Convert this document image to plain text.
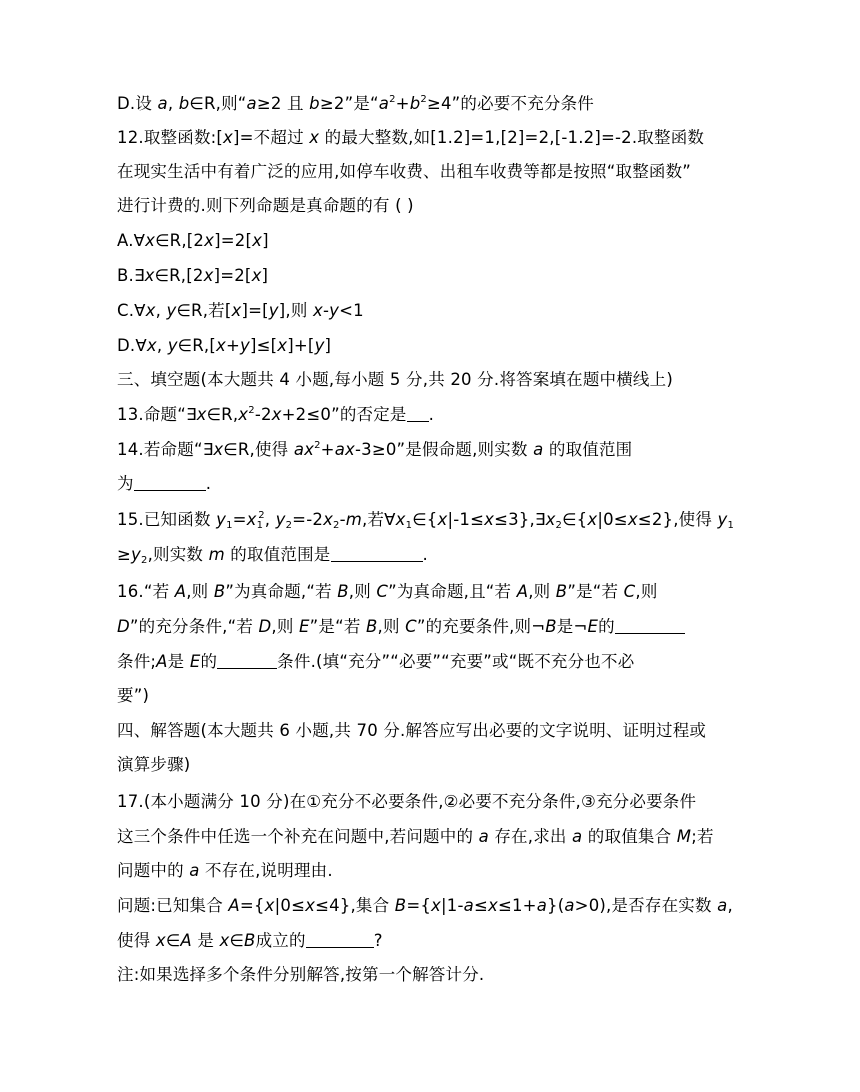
D.设 a, b∈R,则“a≥2 且 b≥2”是“$a^2+b^2\ge 4$”的必要不充分条件
12.取整函数:[x]=不超过 x 的最大整数,如[1.2]=1,[2]=2,[-1.2]=-2.取整函数
在现实生活中有着广泛的应用,如停车收费、出租车收费等都是按照“取整函数”
进行计费的.则下列命题是真命题的有 ( )
A.∀x∈R,[2x]=2[x]
B.∃x∈R,[2x]=2[x]
C.∀x, y∈R,若[x]=[y],则 x-y<1
D.∀x, y∈R,[x+y]≤[x]+[y]
三、填空题(本大题共 4 小题,每小题 5 分,共 20 分.将答案填在题中横线上)
13.命题“$\exists x\in R,x^2-2x+2\le 0$”的否定是 .
14.若命题“∃x∈R,使得 $ax^2+ax-3\ge 0$”是假命题,则实数 a 的取值范围
为	.
15.已知函数 $y_1=x_1^2$, $y_2=-2x_2-m$,若$\forall x_1\in\{x|-1\le x\le 3\},\exists x_2\in\{x|0\le x\le 2\}$,使得 $y_1$
$\ge y_2$,则实数 m 的取值范围是	.
16.“若 A,则 B”为真命题,“若 B,则 C”为真命题,且“若 A,则 B”是“若 C,则
D”的充分条件,“若 D,则 E”是“若 B,则 C”的充要条件,则¬B是¬E的
条件;A是 E的	条件.(填“充分”“必要”“充要”或“既不充分也不必
要”)
四、解答题(本大题共 6 小题,共 70 分.解答应写出必要的文字说明、证明过程或
演算步骤)
17.(本小题满分 10 分)在①充分不必要条件,②必要不充分条件,③充分必要条件
这三个条件中任选一个补充在问题中,若问题中的 a 存在,求出 a 的取值集合 M;若
问题中的 a 不存在,说明理由.
问题:已知集合 A={x|0≤x≤4},集合 B={x|1-a≤x≤1+a}(a>0),是否存在实数 a,
使得 x∈A 是 x∈B成立的	?
注:如果选择多个条件分别解答,按第一个解答计分.
